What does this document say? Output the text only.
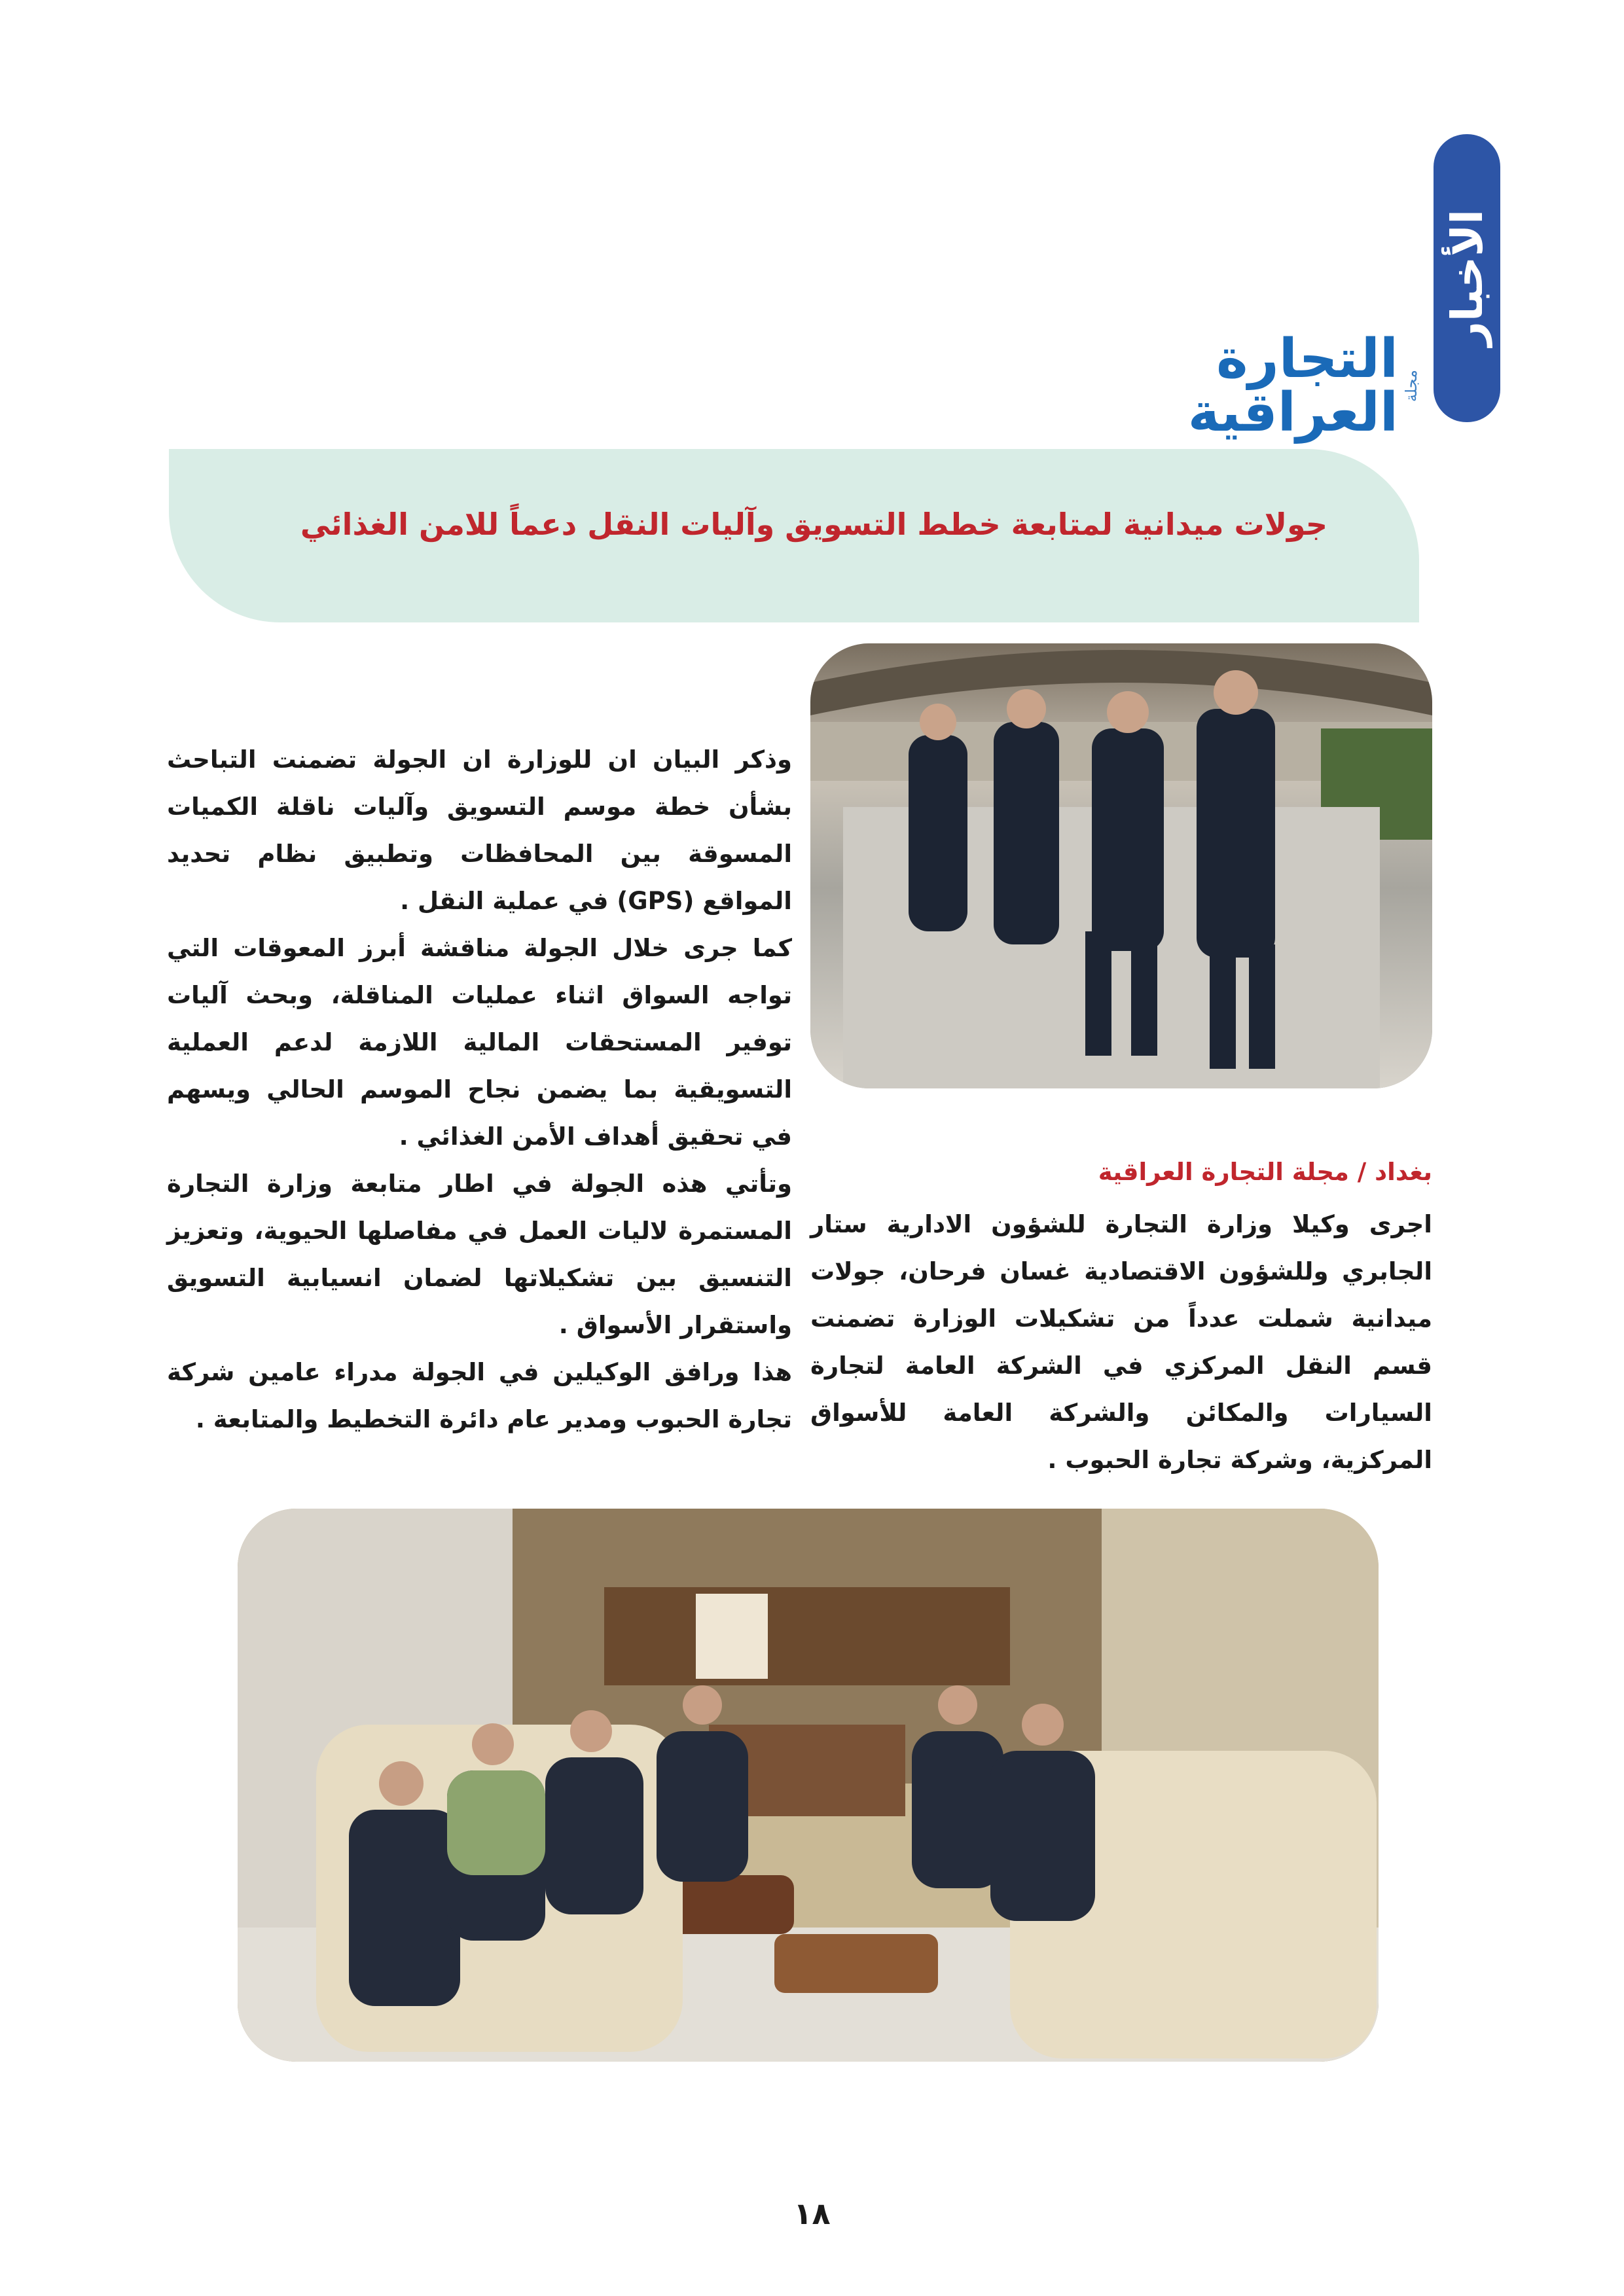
الأخبار
مجلة
التجارة العراقية
جولات ميدانية لمتابعة خطط التسويق وآليات النقل دعماً للامن الغذائي

وذكر البيان ان للوزارة ان الجولة تضمنت التباحث بشأن خطة موسم التسويق وآليات ناقلة الكميات المسوقة بين المحافظات وتطبيق نظام تحديد المواقع (GPS) في عملية النقل .

كما جرى خلال الجولة مناقشة أبرز المعوقات التي تواجه السواق اثناء عمليات المناقلة، وبحث آليات توفير المستحقات المالية اللازمة لدعم العملية التسويقية بما يضمن نجاح الموسم الحالي ويسهم في تحقيق أهداف الأمن الغذائي .

وتأتي هذه الجولة في اطار متابعة وزارة التجارة المستمرة لاليات العمل في مفاصلها الحيوية، وتعزيز التنسيق بين تشكيلاتها لضمان انسيابية التسويق واستقرار الأسواق .

هذا ورافق الوكيلين في الجولة مدراء عامين شركة تجارة الحبوب ومدير عام دائرة التخطيط والمتابعة .

بغداد / مجلة التجارة العراقية

اجرى وكيلا وزارة التجارة للشؤون الادارية ستار الجابري وللشؤون الاقتصادية غسان فرحان، جولات ميدانية شملت عدداً من تشكيلات الوزارة تضمنت قسم النقل المركزي في الشركة العامة لتجارة السيارات والمكائن والشركة العامة للأسواق المركزية، وشركة تجارة الحبوب .

١٨
